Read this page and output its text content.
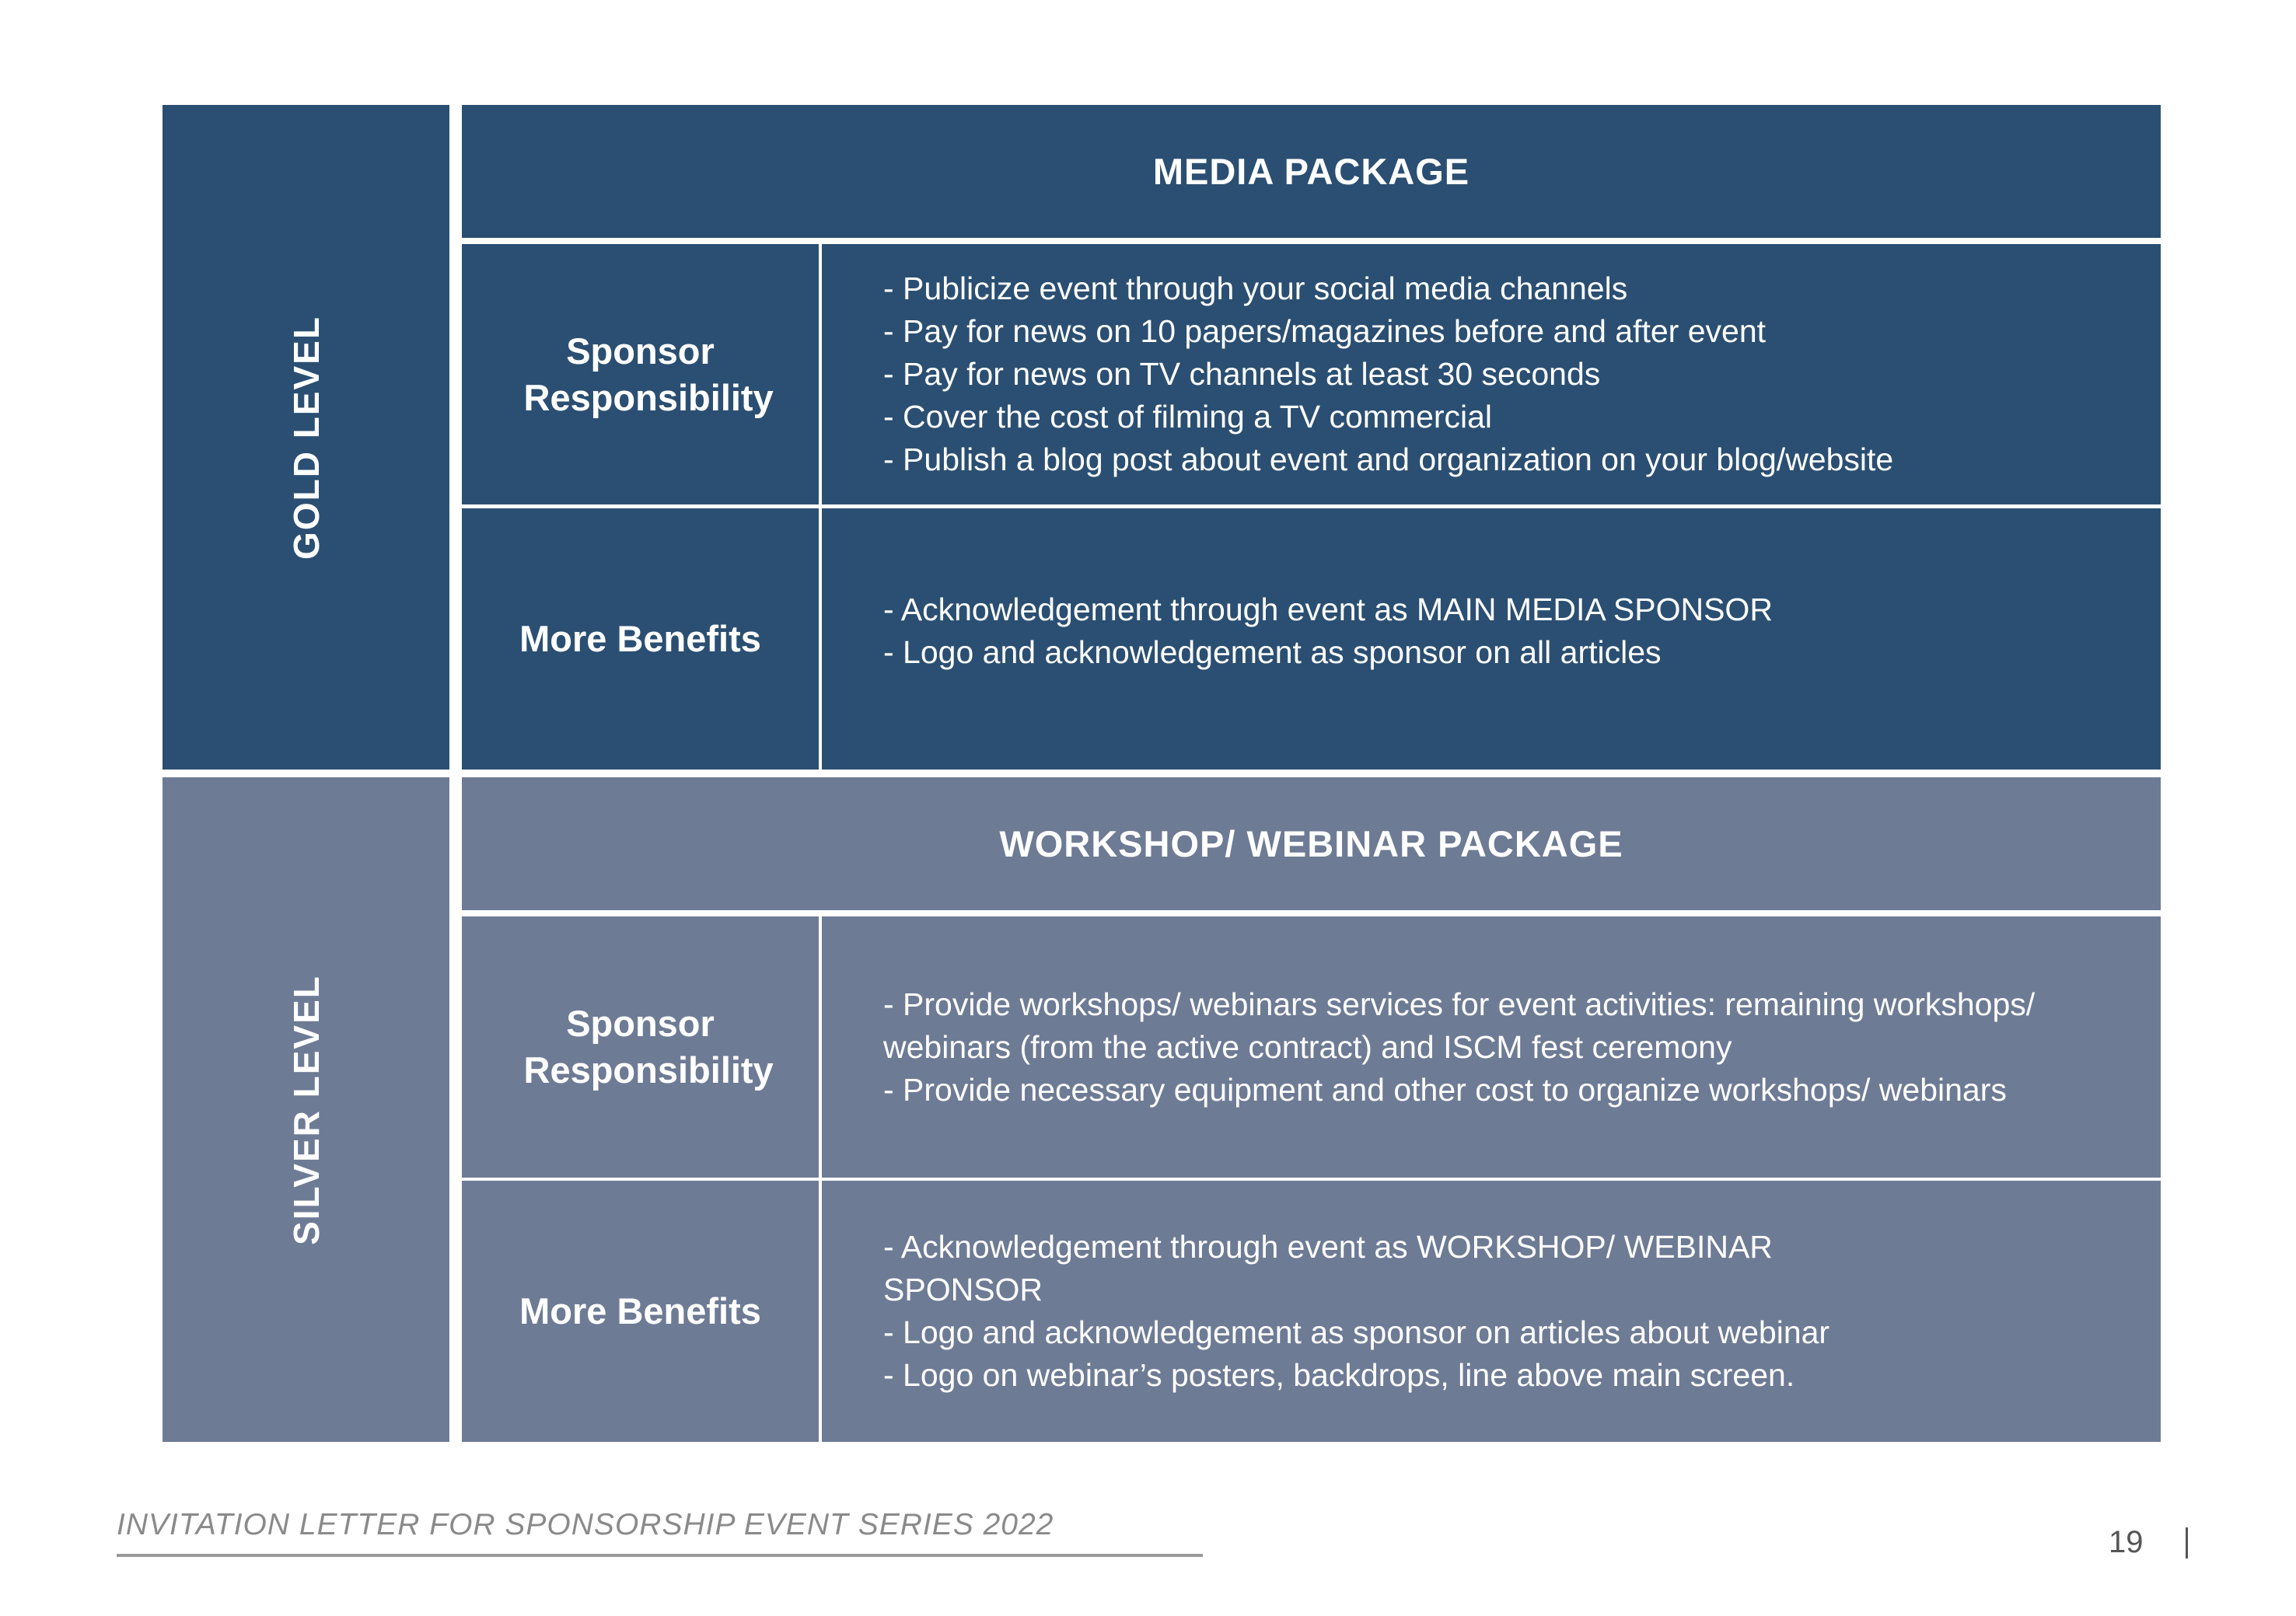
GOLD LEVEL
MEDIA PACKAGE
Sponsor Responsibility
- Publicize event through your social media channels
- Pay for news on 10 papers/magazines before and after event
- Pay for news on TV channels at least 30 seconds
- Cover the cost of filming a TV commercial
- Publish a blog post about event and organization on your blog/website
More Benefits
- Acknowledgement through event as MAIN MEDIA SPONSOR
- Logo and acknowledgement as sponsor on all articles
SILVER LEVEL
WORKSHOP/ WEBINAR PACKAGE
Sponsor Responsibility
- Provide workshops/ webinars services for event activities: remaining workshops/ webinars (from the active contract) and ISCM fest ceremony
- Provide necessary equipment and other cost to organize workshops/ webinars
More Benefits
- Acknowledgement through event as WORKSHOP/ WEBINAR SPONSOR
- Logo and acknowledgement as sponsor on articles about webinar
- Logo on webinar’s posters, backdrops, line above main screen.
INVITATION LETTER FOR SPONSORSHIP EVENT SERIES 2022
19
